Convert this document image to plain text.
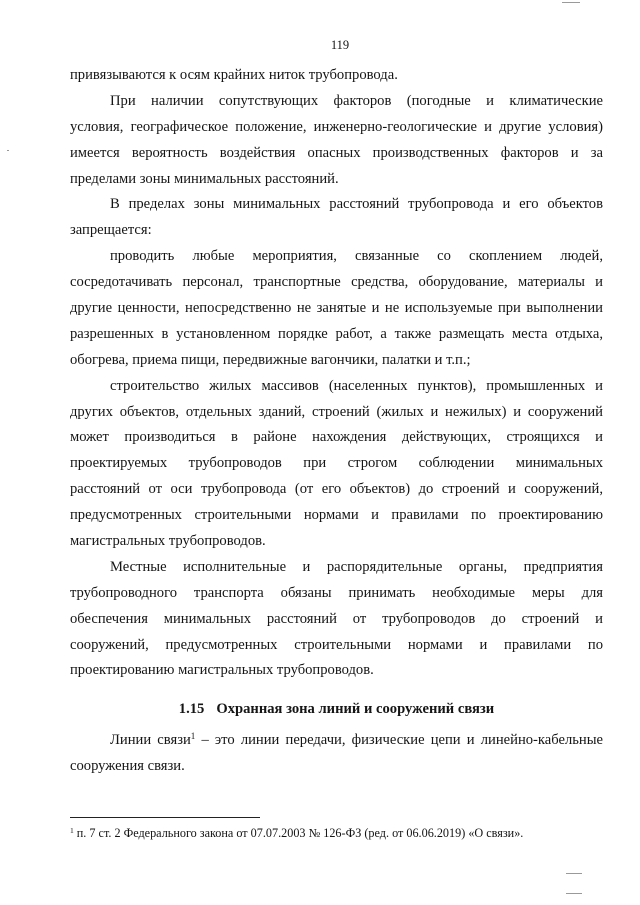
119
привязываются к осям крайних ниток трубопровода.
При наличии сопутствующих факторов (погодные и климатические
условия, географическое положение, инженерно-геологические и другие условия)
имеется вероятность воздействия опасных производственных факторов и за
пределами зоны минимальных расстояний.
В пределах зоны минимальных расстояний трубопровода и его объектов
запрещается:
проводить любые мероприятия, связанные со скоплением людей,
сосредотачивать персонал, транспортные средства, оборудование, материалы и
другие ценности, непосредственно не занятые и не используемые при выполнении
разрешенных в установленном порядке работ, а также размещать места отдыха,
обогрева, приема пищи, передвижные вагончики, палатки и т.п.;
строительство жилых массивов (населенных пунктов), промышленных и
других объектов, отдельных зданий, строений (жилых и нежилых) и сооружений
может производиться в районе нахождения действующих, строящихся и
проектируемых трубопроводов при строгом соблюдении минимальных
расстояний от оси трубопровода (от его объектов) до строений и сооружений,
предусмотренных строительными нормами и правилами по проектированию
магистральных трубопроводов.
Местные исполнительные и распорядительные органы, предприятия
трубопроводного транспорта обязаны принимать необходимые меры для
обеспечения минимальных расстояний от трубопроводов до строений и
сооружений, предусмотренных строительными нормами и правилами по
проектированию магистральных трубопроводов.
1.15 Охранная зона линий и сооружений связи
Линии связи$^1$ – это линии передачи, физические цепи и линейно-кабельные
сооружения связи.
$^1$ п. 7 ст. 2 Федерального закона от 07.07.2003 № 126-ФЗ (ред. от 06.06.2019) «О связи».
